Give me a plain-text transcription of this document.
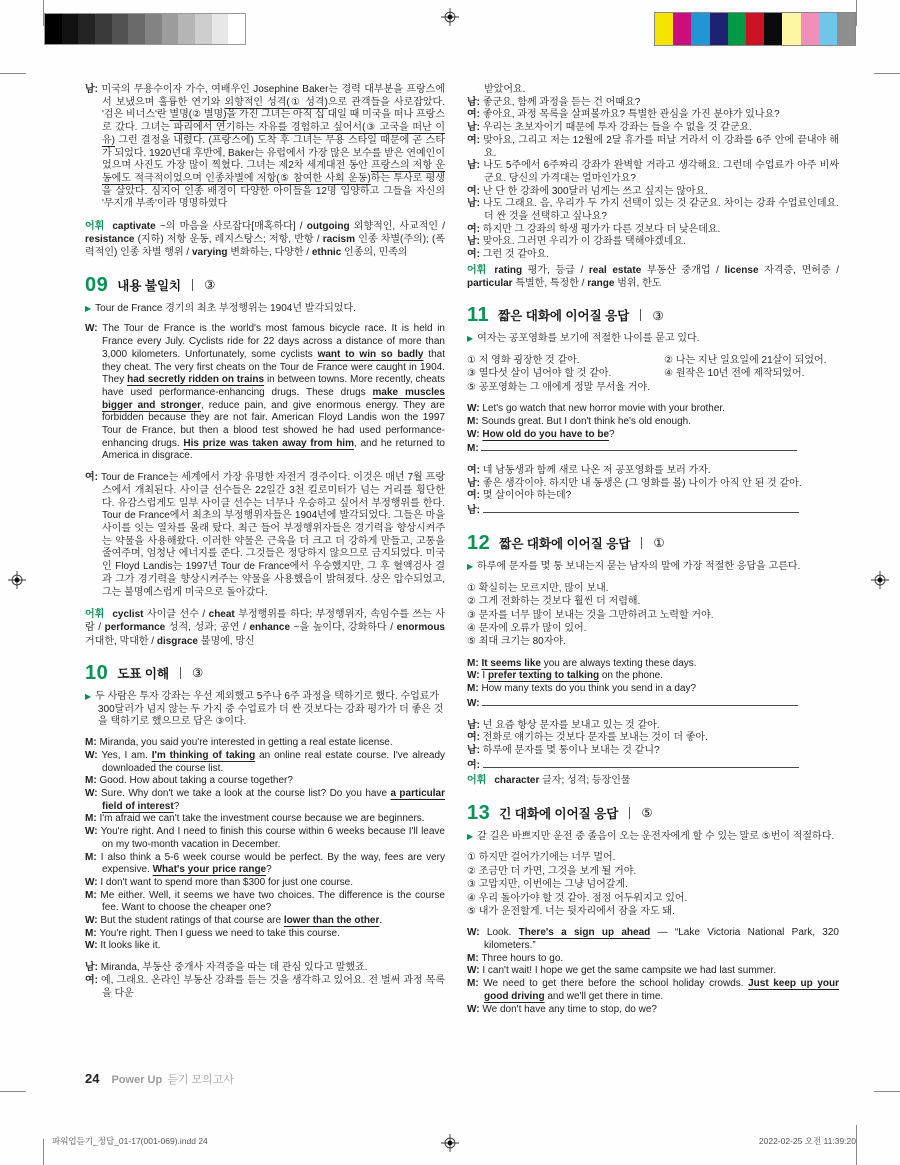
남: 미국의 무용수이자 가수, 여배우인 Josephine Baker는 경력 대부분을 프랑스에서 보냈으며 훌륭한 연기와 외향적인 성격(① 성격)으로 관객들을 사로잡았다. '검은 비너스'란 별명(② 별명)을 가진 그녀는 아직 십 대일 때 미국을 떠나 프랑스로 갔다. 그녀는 파리에서 연기하는 자유를 경험하고 싶어서(③ 고국을 떠난 이유) 그런 결정을 내렸다. (프랑스에) 도착 후 그녀는 무용 스타일 때문에 곧 스타가 되었다. 1920년대 후반에, Baker는 유럽에서 가장 많은 보수를 받은 연예인이었으며 사진도 가장 많이 찍혔다. 그녀는 제2차 세계대전 동안 프랑스의 저항 운동에도 적극적이었으며 인종차별에 저항(⑤ 참여한 사회 운동)하는 투사로 평생을 살았다. 심지어 인종 배경이 다양한 아이들을 12명 입양하고 그들을 자신의 '무지개 부족'이라 명명하였다
어휘 captivate ~의 마음을 사로잡다[매혹하다] / outgoing 외향적인, 사교적인 / resistance (지하) 저항 운동, 레지스탕스; 저항, 반항 / racism 인종 차별(주의); (폭력적인) 인종 차별 행위 / varying 변화하는, 다양한 / ethnic 인종의, 민족의
09 내용 불일치 ③
▶ Tour de France 경기의 최초 부정행위는 1904년 발각되었다.
W: The Tour de France is the world's most famous bicycle race. It is held in France every July. Cyclists ride for 22 days across a distance of more than 3,000 kilometers. Unfortunately, some cyclists want to win so badly that they cheat. The very first cheats on the Tour de France were caught in 1904. They had secretly ridden on trains in between towns. More recently, cheats have used performance-enhancing drugs. These drugs make muscles bigger and stronger, reduce pain, and give enormous energy. They are forbidden because they are not fair. American Floyd Landis won the 1997 Tour de France, but then a blood test showed he had used performance-enhancing drugs. His prize was taken away from him, and he returned to America in disgrace.
여: Tour de France는 세계에서 가장 유명한 자전거 경주이다. 이것은 매년 7월 프랑스에서 개최된다. 사이클 선수들은 22일간 3천 킬로미터가 넘는 거리를 횡단한다. 유감스럽게도 일부 사이클 선수는 너무나 우승하고 싶어서 부정행위를 한다. Tour de France에서 최초의 부정행위자들은 1904년에 발각되었다. 그들은 마을 사이를 잇는 열차를 몰래 탔다. 최근 들어 부정행위자들은 경기력을 향상시켜주는 약물을 사용해왔다. 이러한 약물은 근육을 더 크고 더 강하게 만들고, 고통을 줄여주며, 엄청난 에너지를 준다. 그것들은 정당하지 않으므로 금지되었다. 미국인 Floyd Landis는 1997년 Tour de France에서 우승했지만, 그 후 혈액검사 결과 그가 경기력을 향상시켜주는 약물을 사용했음이 밝혀졌다. 상은 압수되었고, 그는 불명예스럽게 미국으로 돌아갔다.
어휘 cyclist 사이클 선수 / cheat 부정행위를 하다; 부정행위자, 속임수를 쓰는 사람 / performance 성적, 성과; 공연 / enhance ~을 높이다, 강화하다 / enormous 거대한, 막대한 / disgrace 불명예, 망신
10 도표 이해 ③
▶ 두 사람은 투자 강좌는 우선 제외했고 5주나 6주 과정을 택하기로 했다. 수업료가 300달러가 넘지 않는 두 가지 중 수업료가 더 싼 것보다는 강좌 평가가 더 좋은 것을 택하기로 했으므로 답은 ③이다.
M: Miranda, you said you're interested in getting a real estate license.
W: Yes, I am. I'm thinking of taking an online real estate course. I've already downloaded the course list.
M: Good. How about taking a course together?
W: Sure. Why don't we take a look at the course list? Do you have a particular field of interest?
M: I'm afraid we can't take the investment course because we are beginners.
W: You're right. And I need to finish this course within 6 weeks because I'll leave on my two-month vacation in December.
M: I also think a 5-6 week course would be perfect. By the way, fees are very expensive. What's your price range?
W: I don't want to spend more than $300 for just one course.
M: Me either. Well, it seems we have two choices. The difference is the course fee. Want to choose the cheaper one?
W: But the student ratings of that course are lower than the other.
M: You're right. Then I guess we need to take this course.
W: It looks like it.
남: Miranda, 부동산 중개사 자격증을 따는 데 관심 있다고 말했죠.
여: 예, 그래요. 온라인 부동산 강좌를 듣는 것을 생각하고 있어요. 전 벌써 과정 목록을 다운
받았어요.
남: 좋군요, 함께 과정을 듣는 건 어때요?
여: 좋아요, 과정 목록을 살펴볼까요? 특별한 관심을 가진 분야가 있나요?
남: 우리는 초보자이기 때문에 투자 강좌는 들을 수 없을 것 같군요.
여: 맞아요, 그리고 저는 12월에 2달 휴가를 떠날 거라서 이 강좌를 6주 안에 끝내야 해요.
남: 나도 5주에서 6주짜리 강좌가 완벽할 거라고 생각해요. 그런데 수업료가 아주 비싸군요. 당신의 가격대는 얼마인가요?
여: 난 단 한 강좌에 300달러 넘게는 쓰고 싶지는 않아요.
남: 나도 그래요. 음, 우리가 두 가지 선택이 있는 것 같군요. 차이는 강좌 수업료인데요. 더 싼 것을 선택하고 싶나요?
여: 하지만 그 강좌의 학생 평가가 다른 것보다 더 낮은데요.
남: 맞아요. 그러면 우리가 이 강좌를 택해야겠네요.
여: 그런 것 같아요.
어휘 rating 평가, 등급 / real estate 부동산 중개업 / license 자격증, 면허증 / particular 특별한, 특정한 / range 범위, 한도
11 짧은 대화에 이어질 응답 ③
▶ 여자는 공포영화를 보기에 적절한 나이를 묻고 있다.
① 저 영화 굉장한 것 같아.	② 나는 지난 일요일에 21살이 되었어.
③ 열다섯 살이 넘어야 할 것 같아.	④ 원작은 10년 전에 제작되었어.
⑤ 공포영화는 그 애에게 정말 무서울 거야.
W: Let's go watch that new horror movie with your brother.
M: Sounds great. But I don't think he's old enough.
W: How old do you have to be?
M:
여: 네 남동생과 함께 새로 나온 저 공포영화를 보러 가자.
남: 좋은 생각이야. 하지만 내 동생은 (그 영화를 볼) 나이가 아직 안 된 것 같아.
여: 몇 살이어야 하는데?
남:
12 짧은 대화에 이어질 응답 ①
▶ 하루에 문자를 몇 통 보내는지 묻는 남자의 말에 가장 적절한 응답을 고른다.
① 확실히는 모르지만, 많이 보내.
② 그게 전화하는 것보다 훨씬 더 저렴해.
③ 문자를 너무 많이 보내는 것을 그만하려고 노력할 거야.
④ 문자에 오류가 많이 있어.
⑤ 최대 크기는 80자야.
M: It seems like you are always texting these days.
W: I prefer texting to talking on the phone.
M: How many texts do you think you send in a day?
W:
남: 넌 요즘 항상 문자를 보내고 있는 것 같아.
여: 전화로 얘기하는 것보다 문자를 보내는 것이 더 좋아.
남: 하루에 문자를 몇 통이나 보내는 것 같니?
여:
어휘 character 글자; 성격; 등장인물
13 긴 대화에 이어질 응답 ⑤
▶ 갈 길은 바쁘지만 운전 중 졸음이 오는 운전자에게 할 수 있는 말로 ⑤번이 적절하다.
① 하지만 걸어가기에는 너무 멀어.
② 조금만 더 가면, 그것을 보게 될 거야.
③ 고맙지만, 이번에는 그냥 넘어갈게.
④ 우리 돌아가야 할 것 같아. 점점 어두워지고 있어.
⑤ 내가 운전할게. 너는 뒷자리에서 잠을 자도 돼.
W: Look. There's a sign up ahead — “Lake Victoria National Park, 320 kilometers.”
M: Three hours to go.
W: I can't wait! I hope we get the same campsite we had last summer.
M: We need to get there before the school holiday crowds. Just keep up your good driving and we'll get there in time.
W: We don't have any time to stop, do we?
24 Power Up 듣기 모의고사
파워업듣기_정답_01-17(001-069).indd 24	2022-02-25 오전 11:39:20
